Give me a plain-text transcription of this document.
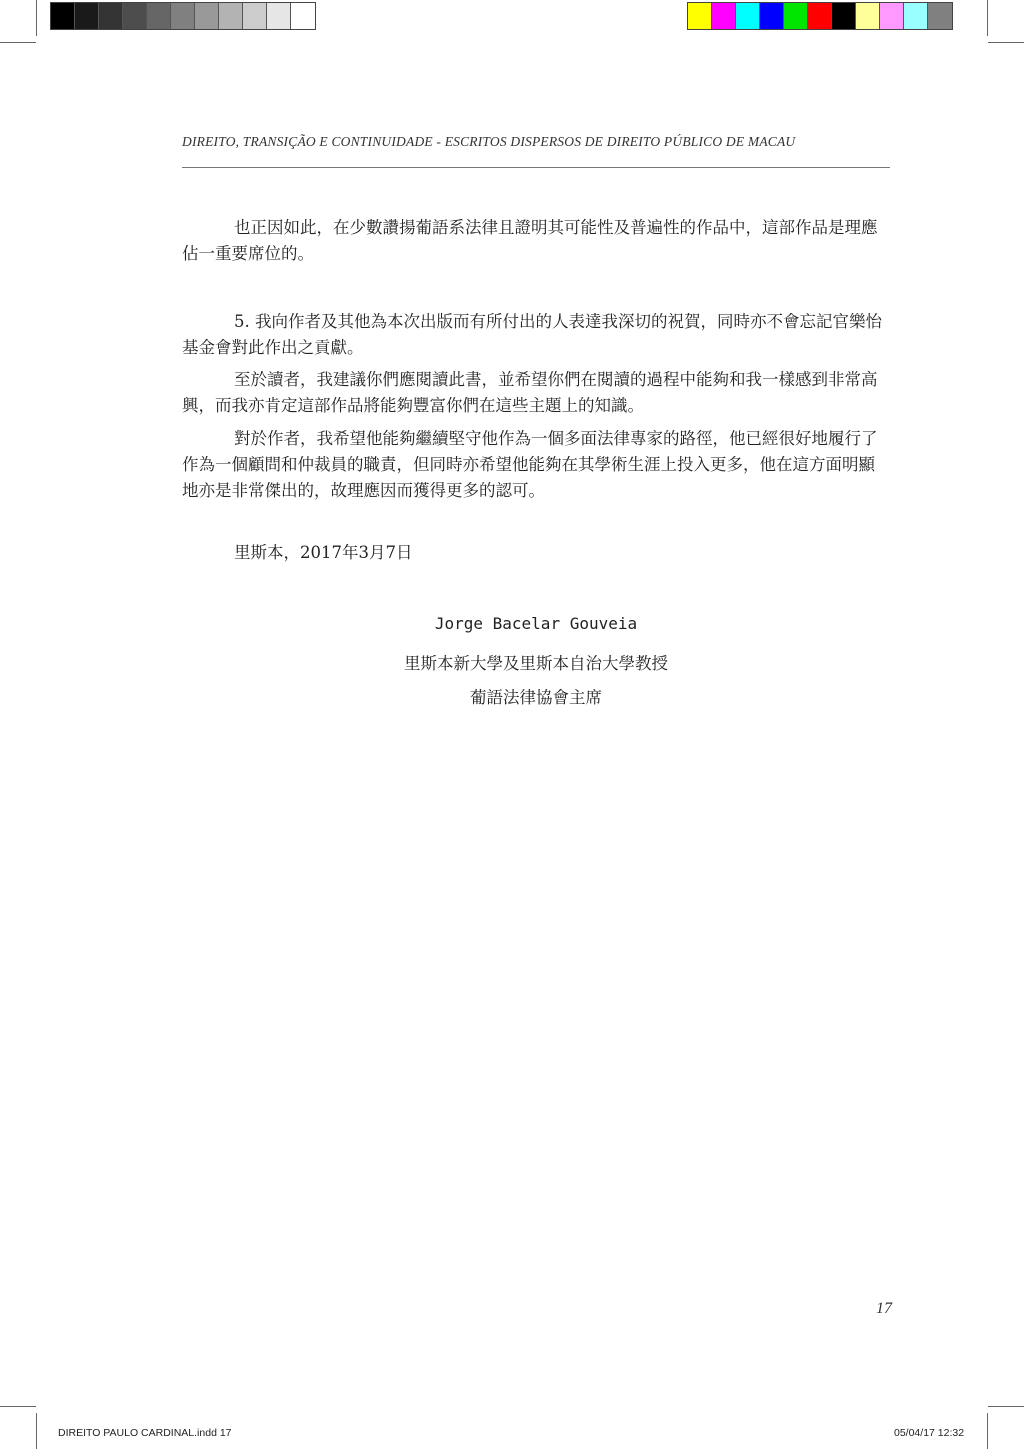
DIREITO, TRANSIÇÃO E CONTINUIDADE - ESCRITOS DISPERSOS DE DIREITO PÚBLICO DE MACAU

也正因如此，在少數讚揚葡語系法律且證明其可能性及普遍性的作品中，這部作品是理應佔一重要席位的。

5. 我向作者及其他為本次出版而有所付出的人表達我深切的祝賀，同時亦不會忘記官樂怡基金會對此作出之貢獻。

至於讀者，我建議你們應閱讀此書，並希望你們在閱讀的過程中能夠和我一樣感到非常高興，而我亦肯定這部作品將能夠豐富你們在這些主題上的知識。

對於作者，我希望他能夠繼續堅守他作為一個多面法律專家的路徑，他已經很好地履行了作為一個顧問和仲裁員的職責，但同時亦希望他能夠在其學術生涯上投入更多，他在這方面明顯地亦是非常傑出的，故理應因而獲得更多的認可。

里斯本，2017年3月7日

Jorge Bacelar Gouveia
里斯本新大學及里斯本自治大學教授
葡語法律協會主席
17
DIREITO PAULO CARDINAL.indd 17	05/04/17 12:32
